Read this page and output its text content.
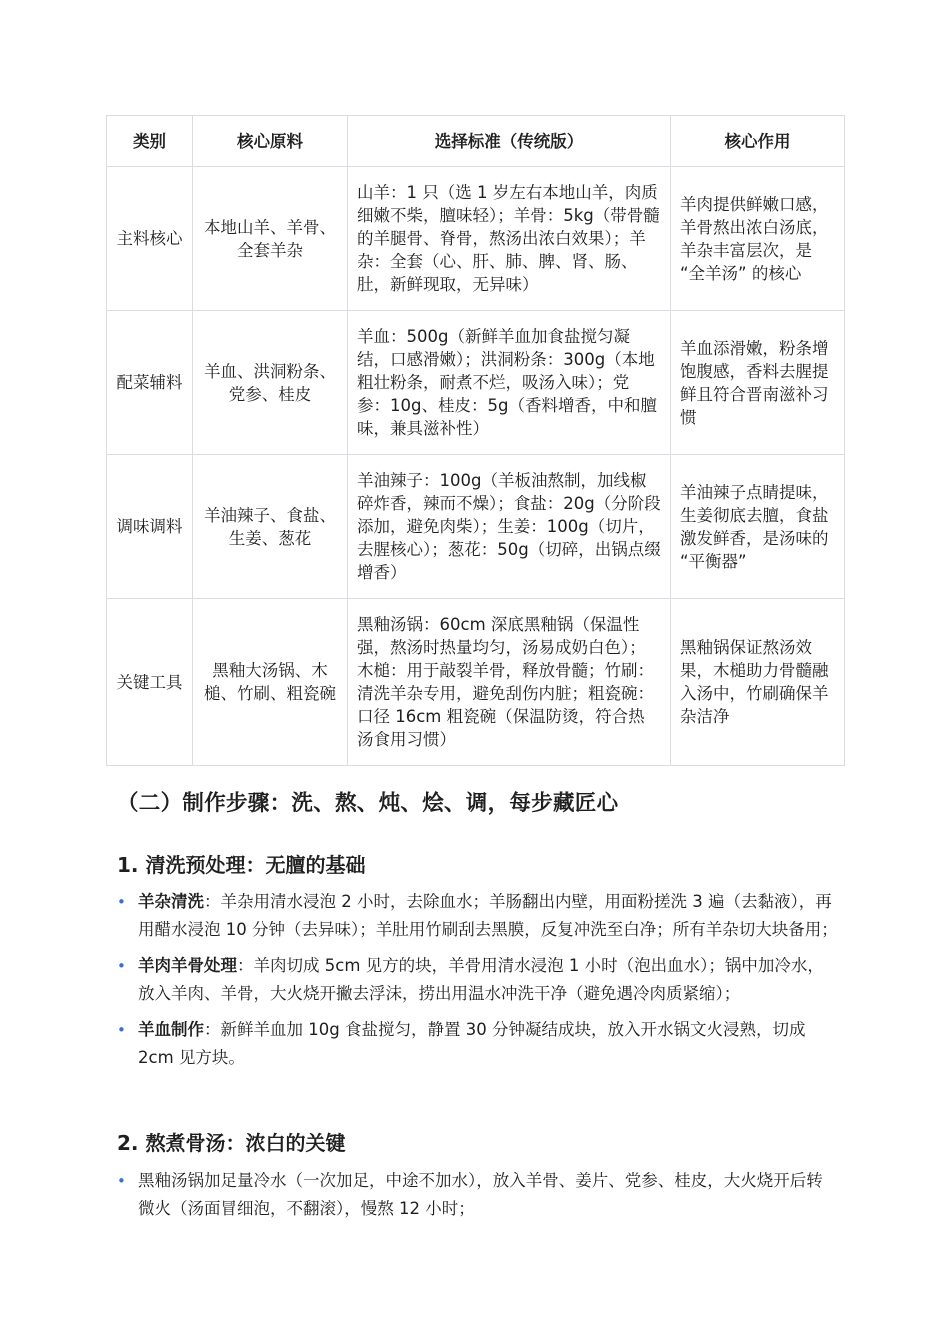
类别	核心原料	选择标准（传统版）	核心作用
主料核心	本地山羊、羊骨、全套羊杂	山羊：1 只（选 1 岁左右本地山羊，肉质细嫩不柴，膻味轻）；羊骨：5kg（带骨髓的羊腿骨、脊骨，熬汤出浓白效果）；羊杂：全套（心、肝、肺、脾、肾、肠、肚，新鲜现取，无异味）	羊肉提供鲜嫩口感，羊骨熬出浓白汤底，羊杂丰富层次，是 “全羊汤” 的核心
配菜辅料	羊血、洪洞粉条、党参、桂皮	羊血：500g（新鲜羊血加食盐搅匀凝结，口感滑嫩）；洪洞粉条：300g（本地粗壮粉条，耐煮不烂，吸汤入味）；党参：10g、桂皮：5g（香料增香，中和膻味，兼具滋补性）	羊血添滑嫩，粉条增饱腹感，香料去腥提鲜且符合晋南滋补习惯
调味调料	羊油辣子、食盐、生姜、葱花	羊油辣子：100g（羊板油熬制，加线椒碎炸香，辣而不燥）；食盐：20g（分阶段添加，避免肉柴）；生姜：100g（切片，去腥核心）；葱花：50g（切碎，出锅点缀增香）	羊油辣子点睛提味，生姜彻底去膻，食盐激发鲜香，是汤味的 “平衡器”
关键工具	黑釉大汤锅、木槌、竹刷、粗瓷碗	黑釉汤锅：60cm 深底黑釉锅（保温性强，熬汤时热量均匀，汤易成奶白色）；木槌：用于敲裂羊骨，释放骨髓；竹刷：清洗羊杂专用，避免刮伤内脏；粗瓷碗：口径 16cm 粗瓷碗（保温防烫，符合热汤食用习惯）	黑釉锅保证熬汤效果，木槌助力骨髓融入汤中，竹刷确保羊杂洁净
（二）制作步骤：洗、熬、炖、烩、调，每步藏匠心
1. 清洗预处理：无膻的基础
• 羊杂清洗：羊杂用清水浸泡 2 小时，去除血水；羊肠翻出内壁，用面粉搓洗 3 遍（去黏液），再用醋水浸泡 10 分钟（去异味）；羊肚用竹刷刮去黑膜，反复冲洗至白净；所有羊杂切大块备用；
• 羊肉羊骨处理：羊肉切成 5cm 见方的块，羊骨用清水浸泡 1 小时（泡出血水）；锅中加冷水，放入羊肉、羊骨，大火烧开撇去浮沫，捞出用温水冲洗干净（避免遇冷肉质紧缩）；
• 羊血制作：新鲜羊血加 10g 食盐搅匀，静置 30 分钟凝结成块，放入开水锅文火浸熟，切成 2cm 见方块。
2. 熬煮骨汤：浓白的关键
• 黑釉汤锅加足量冷水（一次加足，中途不加水），放入羊骨、姜片、党参、桂皮，大火烧开后转微火（汤面冒细泡，不翻滚），慢熬 12 小时；
